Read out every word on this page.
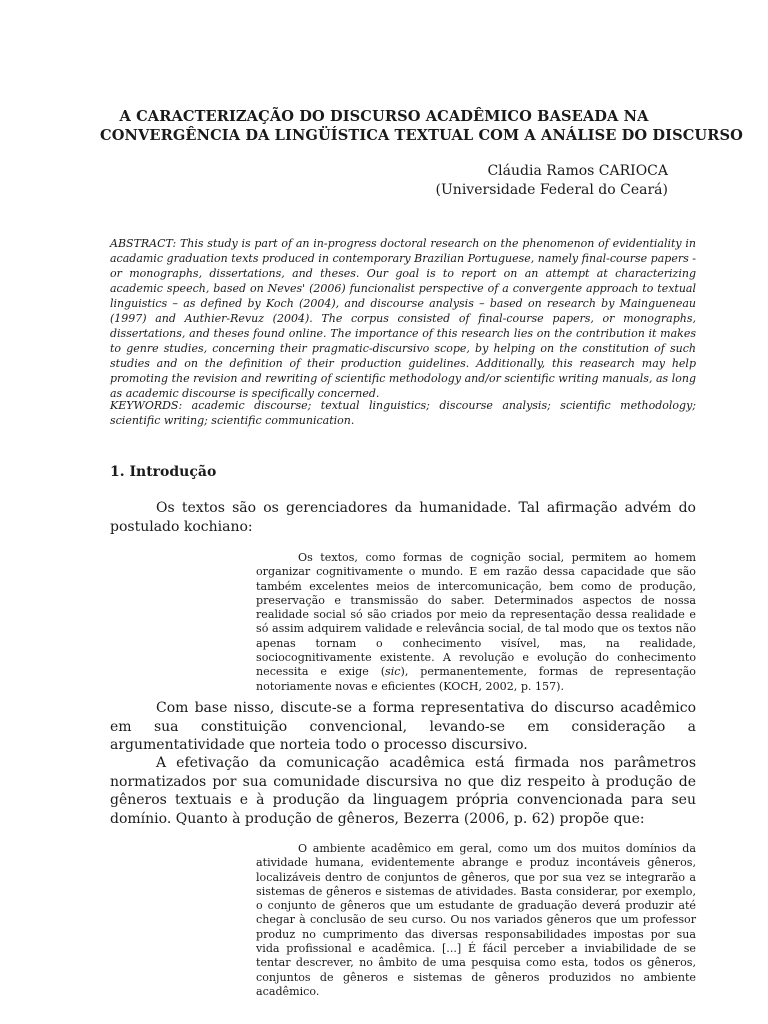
A CARACTERIZAÇÃO DO DISCURSO ACADÊMICO BASEADA NA
CONVERGÊNCIA DA LINGÜÍSTICA TEXTUAL COM A ANÁLISE DO DISCURSO
Cláudia Ramos CARIOCA
(Universidade Federal do Ceará)

ABSTRACT: This study is part of an in-progress doctoral research on the phenomenon of evidentiality in acadamic graduation texts produced in contemporary Brazilian Portuguese, namely final-course papers - or monographs, dissertations, and theses. Our goal is to report on an attempt at characterizing academic speech, based on Neves' (2006) funcionalist perspective of a convergente approach to textual linguistics – as defined by Koch (2004), and discourse analysis – based on research by Maingueneau (1997) and Authier-Revuz (2004). The corpus consisted of final-course papers, or monographs, dissertations, and theses found online. The importance of this research lies on the contribution it makes to genre studies, concerning their pragmatic-discursivo scope, by helping on the constitution of such studies and on the definition of their production guidelines. Additionally, this reasearch may help promoting the revision and rewriting of scientific methodology and/or scientific writing manuals, as long as academic discourse is specifically concerned.

KEYWORDS: academic discourse; textual linguistics; discourse analysis; scientific methodology; scientific writing; scientific communication.

1. Introdução

Os textos são os gerenciadores da humanidade. Tal afirmação advém do postulado kochiano:

Os textos, como formas de cognição social, permitem ao homem organizar cognitivamente o mundo. E em razão dessa capacidade que são também excelentes meios de intercomunicação, bem como de produção, preservação e transmissão do saber. Determinados aspectos de nossa realidade social só são criados por meio da representação dessa realidade e só assim adquirem validade e relevância social, de tal modo que os textos não apenas tornam o conhecimento visível, mas, na realidade, sociocognitivamente existente. A revolução e evolução do conhecimento necessita e exige (sic), permanentemente, formas de representação notoriamente novas e eficientes (KOCH, 2002, p. 157).

Com base nisso, discute-se a forma representativa do discurso acadêmico em sua constituição convencional, levando-se em consideração a argumentatividade que norteia todo o processo discursivo.

A efetivação da comunicação acadêmica está firmada nos parâmetros normatizados por sua comunidade discursiva no que diz respeito à produção de gêneros textuais e à produção da linguagem própria convencionada para seu domínio. Quanto à produção de gêneros, Bezerra (2006, p. 62) propõe que:

O ambiente acadêmico em geral, como um dos muitos domínios da atividade humana, evidentemente abrange e produz incontáveis gêneros, localizáveis dentro de conjuntos de gêneros, que por sua vez se integrarão a sistemas de gêneros e sistemas de atividades. Basta considerar, por exemplo, o conjunto de gêneros que um estudante de graduação deverá produzir até chegar à conclusão de seu curso. Ou nos variados gêneros que um professor produz no cumprimento das diversas responsabilidades impostas por sua vida profissional e acadêmica. [...] É fácil perceber a inviabilidade de se tentar descrever, no âmbito de uma pesquisa como esta, todos os gêneros, conjuntos de gêneros e sistemas de gêneros produzidos no ambiente acadêmico.
